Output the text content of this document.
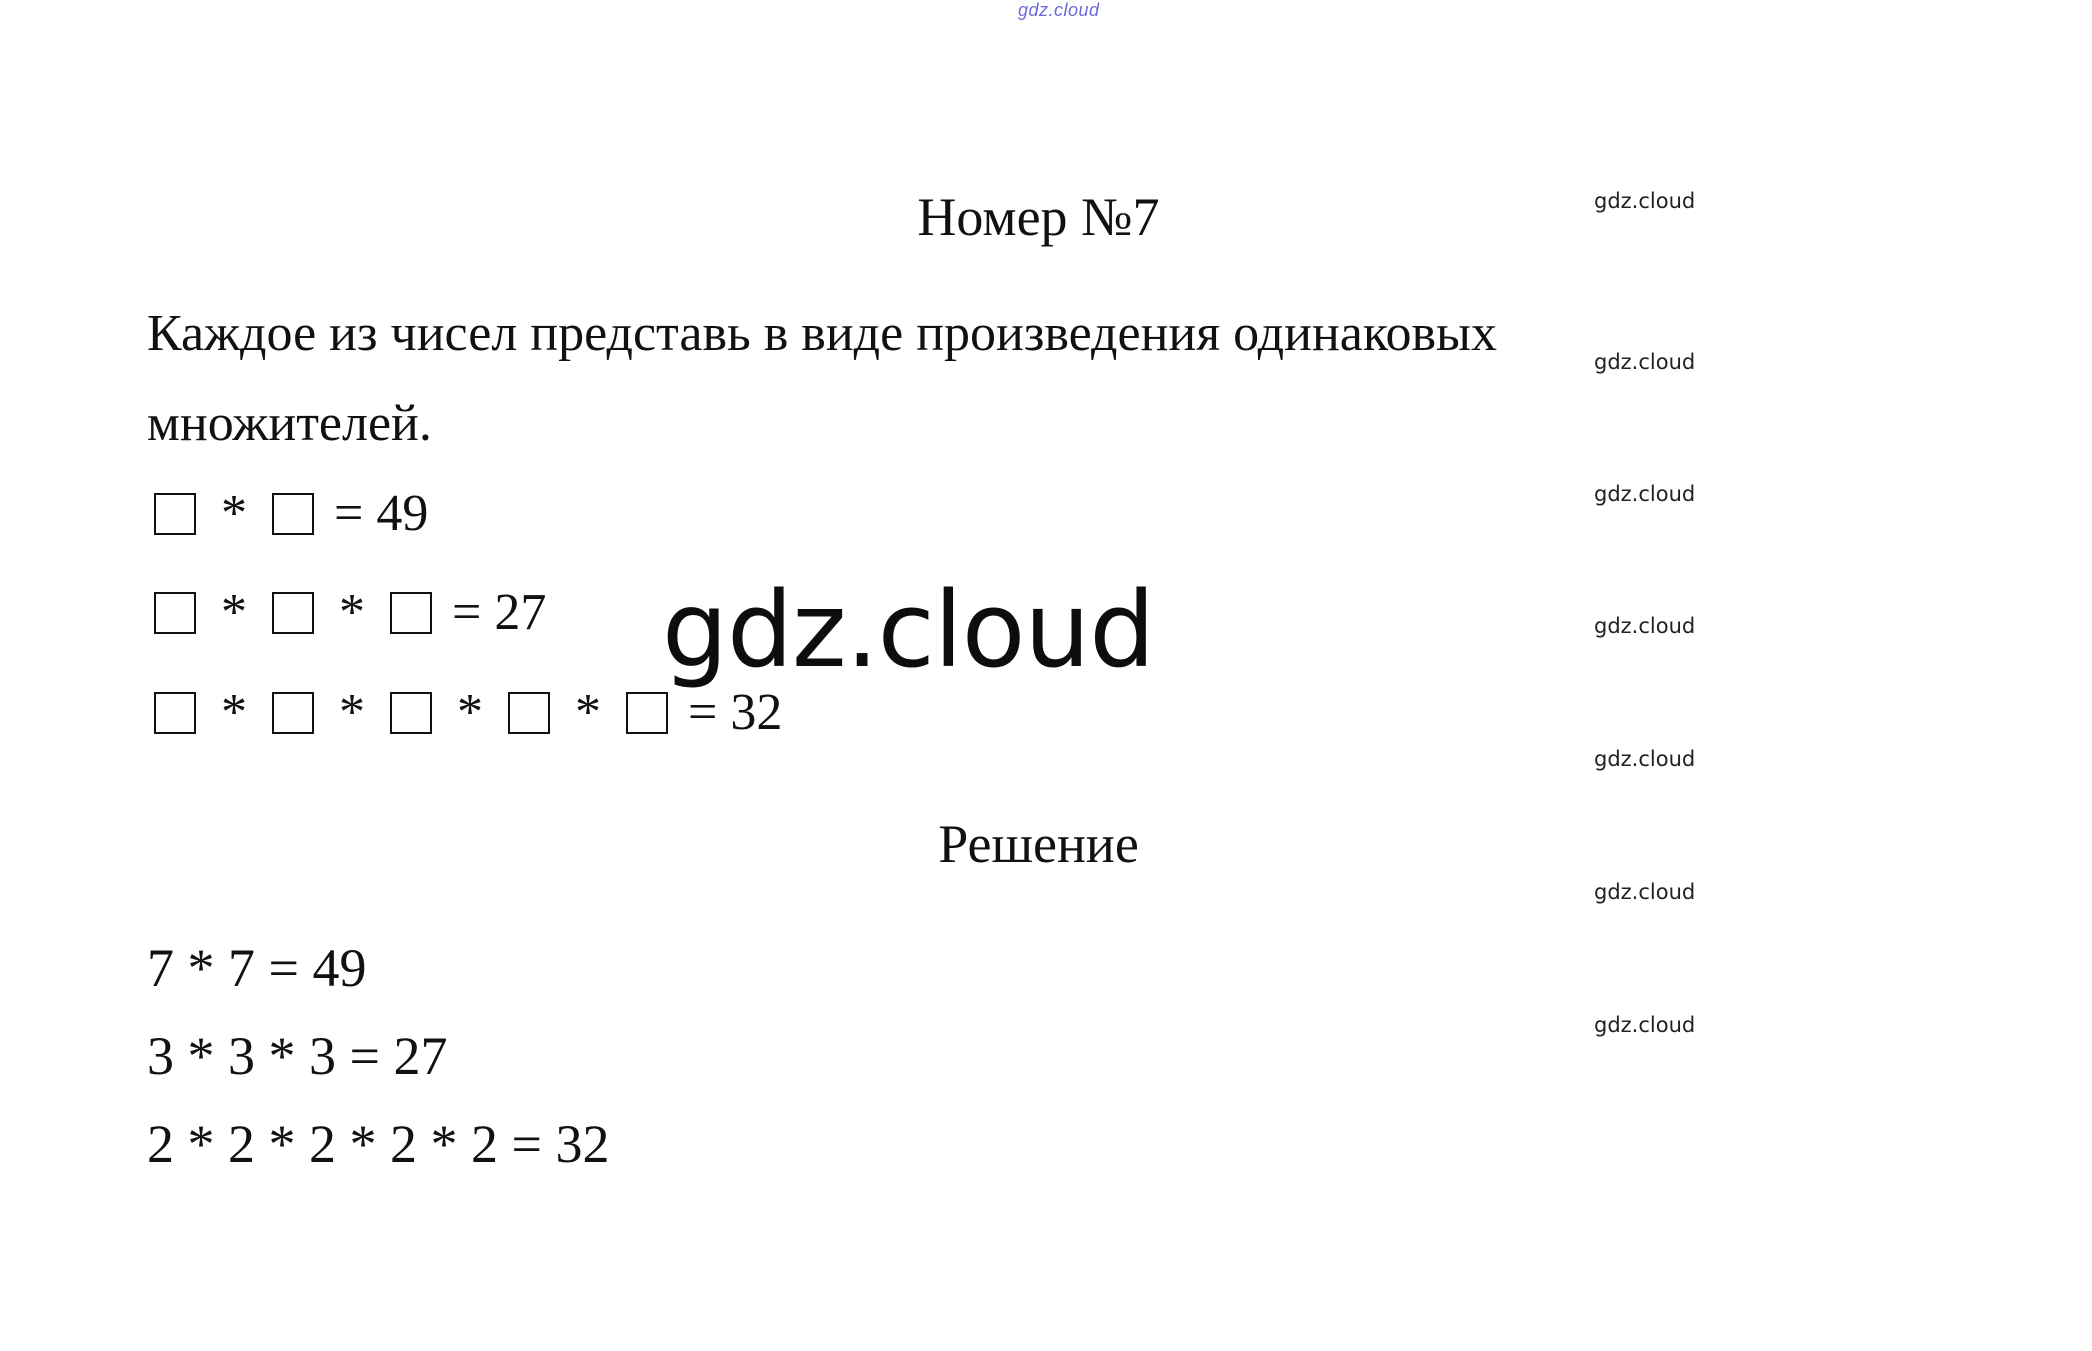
gdz.cloud
gdz.cloud
gdz.cloud
gdz.cloud
gdz.cloud
gdz.cloud
gdz.cloud
gdz.cloud
Номер №7
Каждое из чисел представь в виде произведения одинаковых
множителей.
*	= 49
*	*	= 27
*	*	*	*	= 32
gdz.cloud
Решение
7 * 7 = 49
3 * 3 * 3 = 27
2 * 2 * 2 * 2 * 2 = 32
